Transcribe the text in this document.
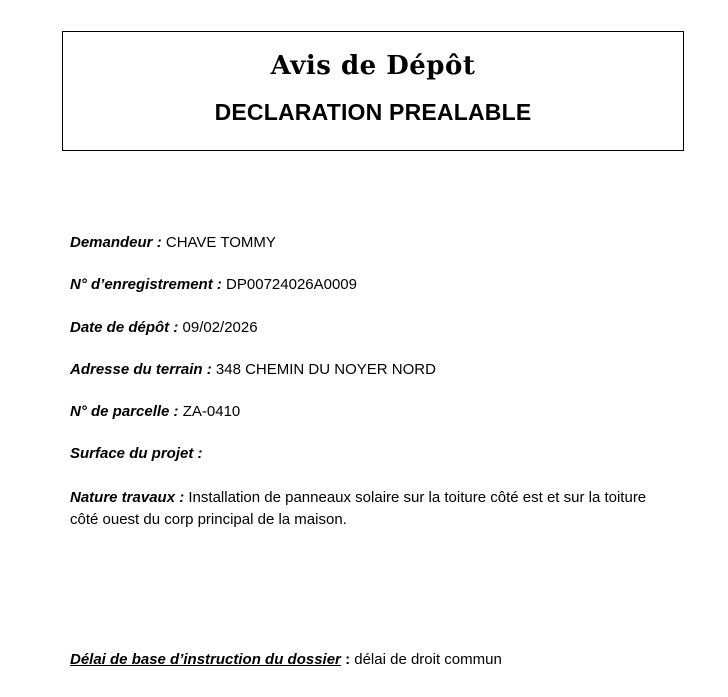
Avis de Dépôt
DECLARATION PREALABLE
Demandeur : CHAVE TOMMY
N° d’enregistrement : DP00724026A0009
Date de dépôt : 09/02/2026
Adresse du terrain : 348 CHEMIN DU NOYER NORD
N° de parcelle : ZA-0410
Surface du projet :
Nature travaux : Installation de panneaux solaire sur la toiture côté est et sur la toiture côté ouest du corp principal de la maison.
Délai de base d’instruction du dossier : délai de droit commun
